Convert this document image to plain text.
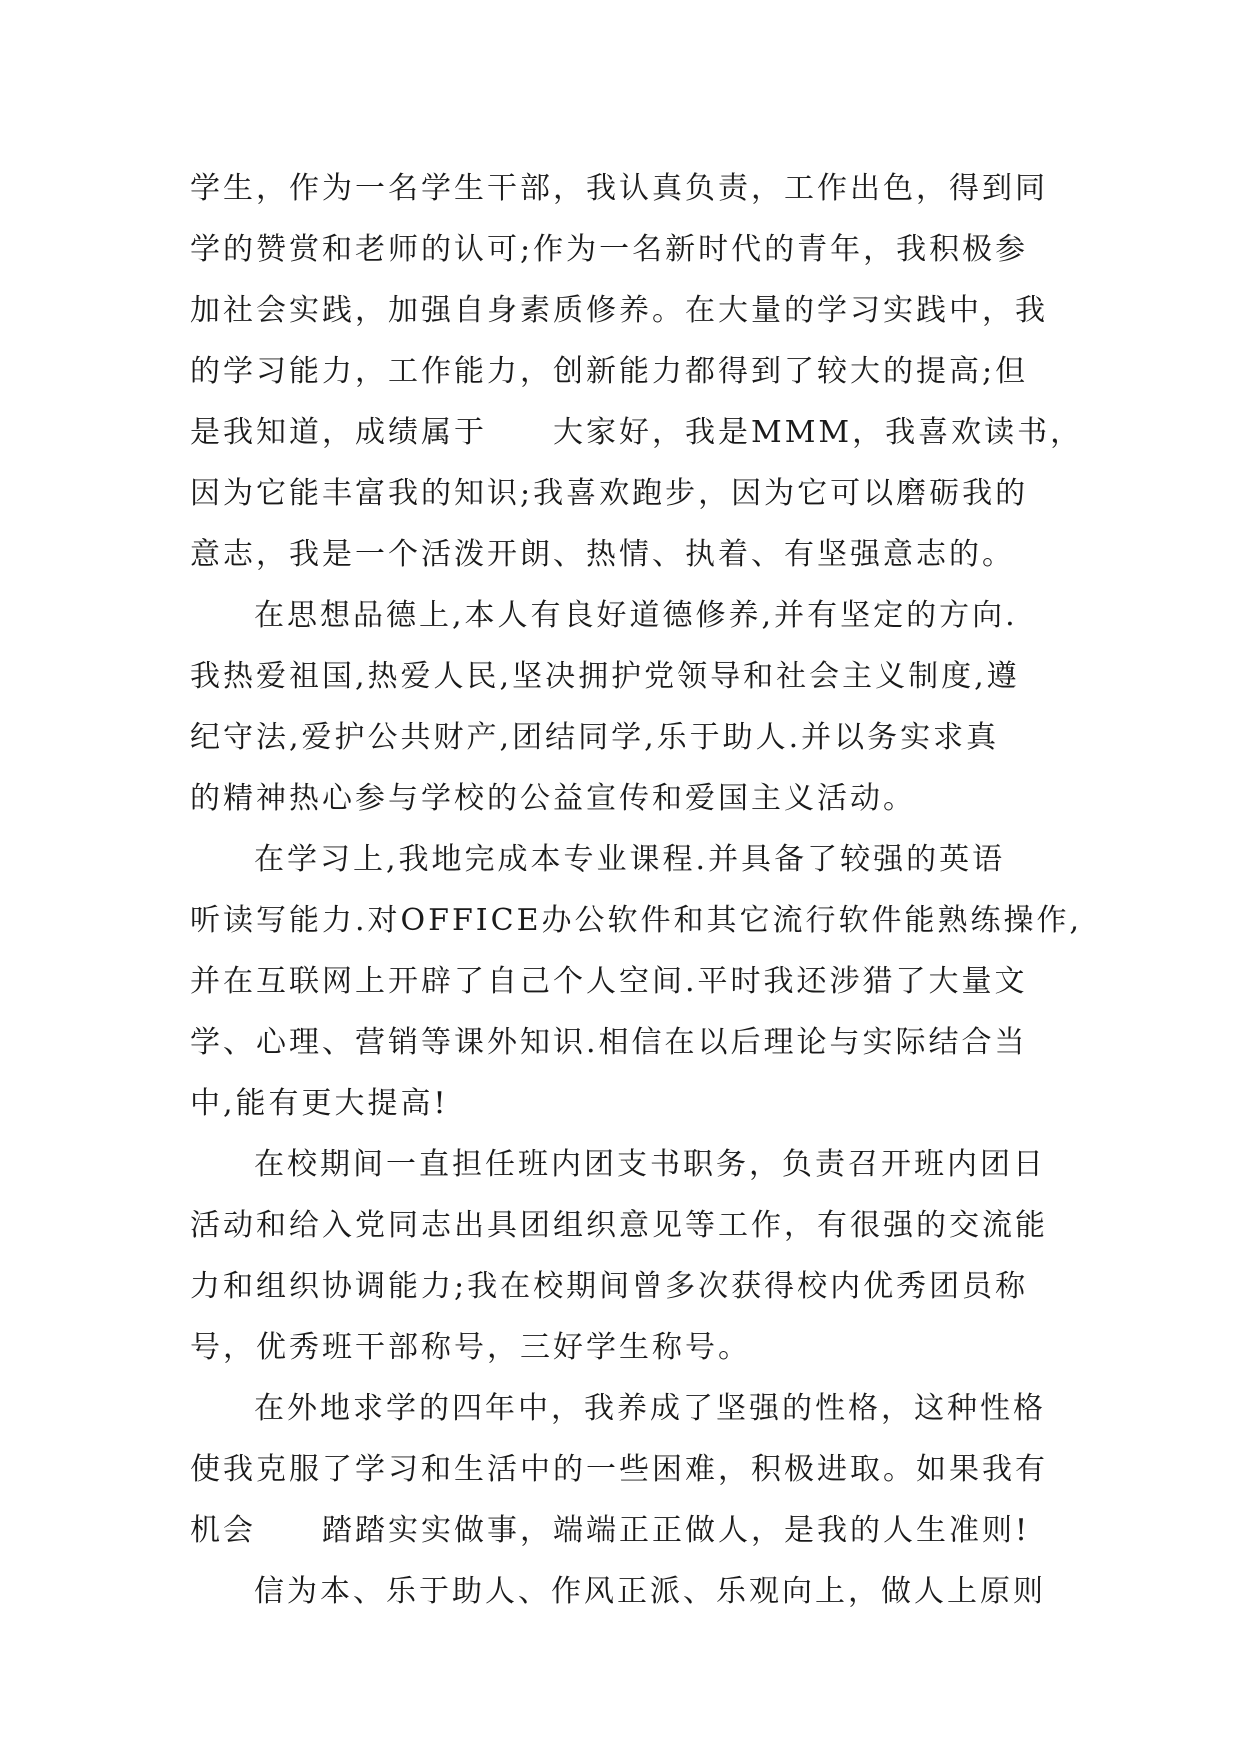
学生，作为一名学生干部，我认真负责，工作出色，得到同
学的赞赏和老师的认可;作为一名新时代的青年，我积极参
加社会实践，加强自身素质修养。在大量的学习实践中，我
的学习能力，工作能力，创新能力都得到了较大的提高;但
是我知道，成绩属于　　大家好，我是MMM，我喜欢读书，
因为它能丰富我的知识;我喜欢跑步，因为它可以磨砺我的
意志，我是一个活泼开朗、热情、执着、有坚强意志的。
在思想品德上,本人有良好道德修养,并有坚定的方向.
我热爱祖国,热爱人民,坚决拥护党领导和社会主义制度,遵
纪守法,爱护公共财产,团结同学,乐于助人.并以务实求真
的精神热心参与学校的公益宣传和爱国主义活动。
在学习上,我地完成本专业课程.并具备了较强的英语
听读写能力.对OFFICE办公软件和其它流行软件能熟练操作,
并在互联网上开辟了自己个人空间.平时我还涉猎了大量文
学、心理、营销等课外知识.相信在以后理论与实际结合当
中,能有更大提高!
在校期间一直担任班内团支书职务，负责召开班内团日
活动和给入党同志出具团组织意见等工作，有很强的交流能
力和组织协调能力;我在校期间曾多次获得校内优秀团员称
号，优秀班干部称号，三好学生称号。
在外地求学的四年中，我养成了坚强的性格，这种性格
使我克服了学习和生活中的一些困难，积极进取。如果我有
机会　　踏踏实实做事，端端正正做人，是我的人生准则!
信为本、乐于助人、作风正派、乐观向上，做人上原则
